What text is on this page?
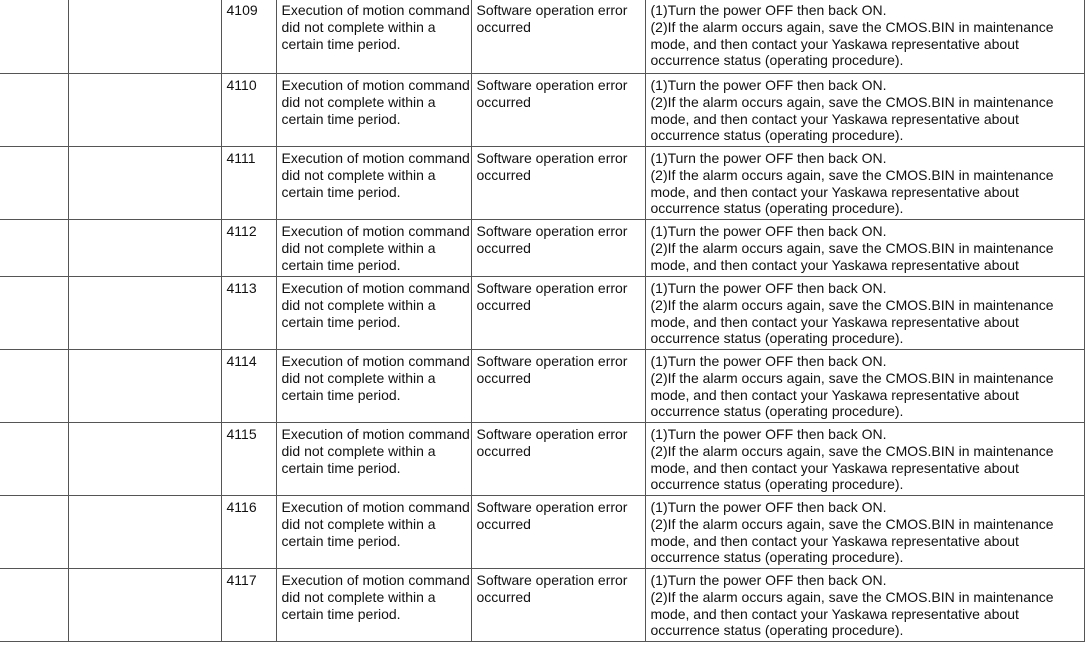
		4109	Execution of motion command
did not complete within a
certain time period.	Software operation error
occurred	(1)Turn the power OFF then back ON.
(2)If the alarm occurs again, save the CMOS.BIN in maintenance
mode, and then contact your Yaskawa representative about
occurrence status (operating procedure).

		4110	Execution of motion command
did not complete within a
certain time period.	Software operation error
occurred	(1)Turn the power OFF then back ON.
(2)If the alarm occurs again, save the CMOS.BIN in maintenance
mode, and then contact your Yaskawa representative about
occurrence status (operating procedure).

		4111	Execution of motion command
did not complete within a
certain time period.	Software operation error
occurred	(1)Turn the power OFF then back ON.
(2)If the alarm occurs again, save the CMOS.BIN in maintenance
mode, and then contact your Yaskawa representative about
occurrence status (operating procedure).

		4112	Execution of motion command
did not complete within a
certain time period.	Software operation error
occurred	(1)Turn the power OFF then back ON.
(2)If the alarm occurs again, save the CMOS.BIN in maintenance
mode, and then contact your Yaskawa representative about

		4113	Execution of motion command
did not complete within a
certain time period.	Software operation error
occurred	(1)Turn the power OFF then back ON.
(2)If the alarm occurs again, save the CMOS.BIN in maintenance
mode, and then contact your Yaskawa representative about
occurrence status (operating procedure).

		4114	Execution of motion command
did not complete within a
certain time period.	Software operation error
occurred	(1)Turn the power OFF then back ON.
(2)If the alarm occurs again, save the CMOS.BIN in maintenance
mode, and then contact your Yaskawa representative about
occurrence status (operating procedure).

		4115	Execution of motion command
did not complete within a
certain time period.	Software operation error
occurred	(1)Turn the power OFF then back ON.
(2)If the alarm occurs again, save the CMOS.BIN in maintenance
mode, and then contact your Yaskawa representative about
occurrence status (operating procedure).

		4116	Execution of motion command
did not complete within a
certain time period.	Software operation error
occurred	(1)Turn the power OFF then back ON.
(2)If the alarm occurs again, save the CMOS.BIN in maintenance
mode, and then contact your Yaskawa representative about
occurrence status (operating procedure).

		4117	Execution of motion command
did not complete within a
certain time period.	Software operation error
occurred	(1)Turn the power OFF then back ON.
(2)If the alarm occurs again, save the CMOS.BIN in maintenance
mode, and then contact your Yaskawa representative about
occurrence status (operating procedure).
